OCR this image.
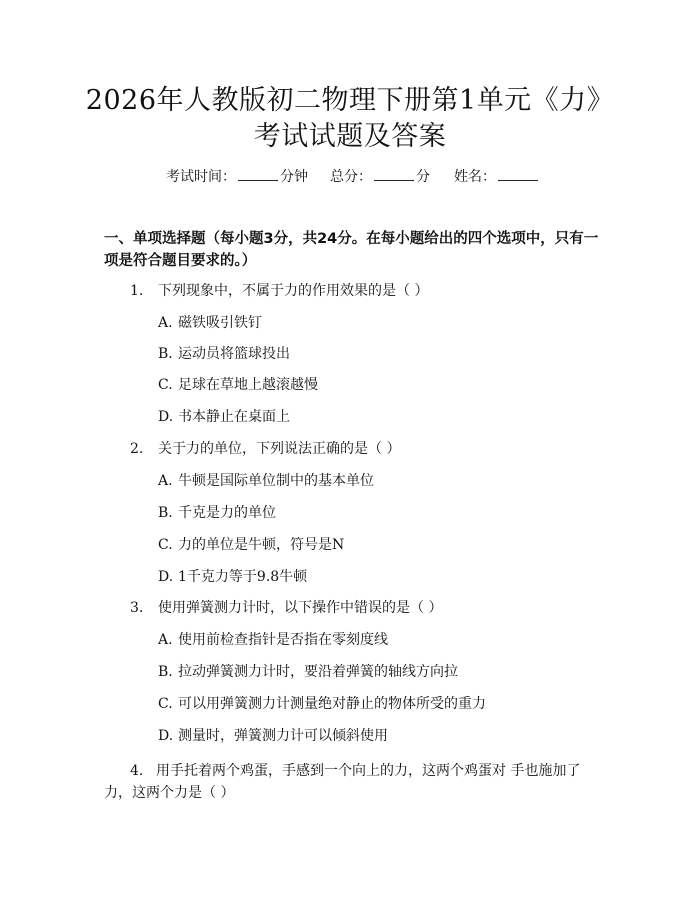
2026年人教版初二物理下册第1单元《力》
考试试题及答案
考试时间：	分钟 总分：	分 姓名：
一、单项选择题（每小题3分，共24分。在每小题给出的四个选项中，只有一项是符合题目要求的。）
1. 下列现象中，不属于力的作用效果的是（ ）
A. 磁铁吸引铁钉
B. 运动员将篮球投出
C. 足球在草地上越滚越慢
D. 书本静止在桌面上
2. 关于力的单位，下列说法正确的是（ ）
A. 牛顿是国际单位制中的基本单位
B. 千克是力的单位
C. 力的单位是牛顿，符号是N
D. 1千克力等于9.8牛顿
3. 使用弹簧测力计时，以下操作中错误的是（ ）
A. 使用前检查指针是否指在零刻度线
B. 拉动弹簧测力计时，要沿着弹簧的轴线方向拉
C. 可以用弹簧测力计测量绝对静止的物体所受的重力
D. 测量时，弹簧测力计可以倾斜使用
4. 用手托着两个鸡蛋，手感到一个向上的力，这两个鸡蛋对 手也施加了力，这两个力是（ ）
